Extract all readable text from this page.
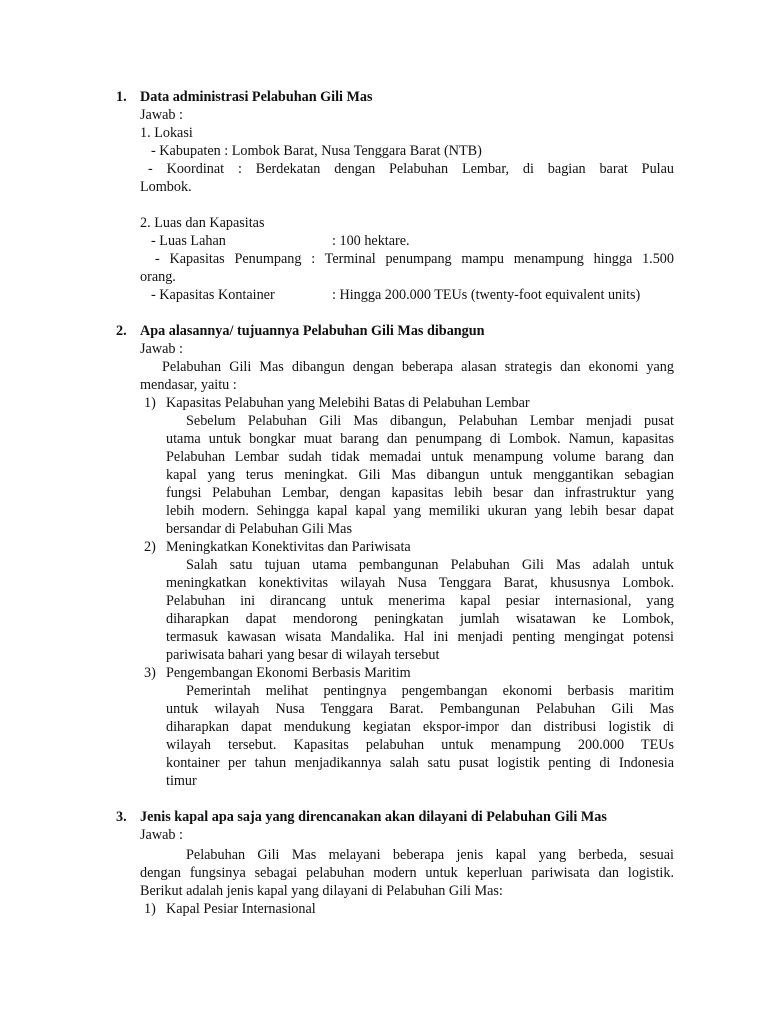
1. Data administrasi Pelabuhan Gili Mas
Jawab :
1. Lokasi
- Kabupaten : Lombok Barat, Nusa Tenggara Barat (NTB)
- Koordinat : Berdekatan dengan Pelabuhan Lembar, di bagian barat Pulau
Lombok.
2. Luas dan Kapasitas
- Luas Lahan	: 100 hektare.
- Kapasitas Penumpang : Terminal penumpang mampu menampung hingga 1.500
orang.
- Kapasitas Kontainer	: Hingga 200.000 TEUs (twenty-foot equivalent units)
2. Apa alasannya/ tujuannya Pelabuhan Gili Mas dibangun
Jawab :
Pelabuhan Gili Mas dibangun dengan beberapa alasan strategis dan ekonomi yang
mendasar, yaitu :
1) Kapasitas Pelabuhan yang Melebihi Batas di Pelabuhan Lembar
Sebelum Pelabuhan Gili Mas dibangun, Pelabuhan Lembar menjadi pusat
utama untuk bongkar muat barang dan penumpang di Lombok. Namun, kapasitas
Pelabuhan Lembar sudah tidak memadai untuk menampung volume barang dan
kapal yang terus meningkat. Gili Mas dibangun untuk menggantikan sebagian
fungsi Pelabuhan Lembar, dengan kapasitas lebih besar dan infrastruktur yang
lebih modern. Sehingga kapal kapal yang memiliki ukuran yang lebih besar dapat
bersandar di Pelabuhan Gili Mas
2) Meningkatkan Konektivitas dan Pariwisata
Salah satu tujuan utama pembangunan Pelabuhan Gili Mas adalah untuk
meningkatkan konektivitas wilayah Nusa Tenggara Barat, khususnya Lombok.
Pelabuhan ini dirancang untuk menerima kapal pesiar internasional, yang
diharapkan dapat mendorong peningkatan jumlah wisatawan ke Lombok,
termasuk kawasan wisata Mandalika. Hal ini menjadi penting mengingat potensi
pariwisata bahari yang besar di wilayah tersebut
3) Pengembangan Ekonomi Berbasis Maritim
Pemerintah melihat pentingnya pengembangan ekonomi berbasis maritim
untuk wilayah Nusa Tenggara Barat. Pembangunan Pelabuhan Gili Mas
diharapkan dapat mendukung kegiatan ekspor-impor dan distribusi logistik di
wilayah tersebut. Kapasitas pelabuhan untuk menampung 200.000 TEUs
kontainer per tahun menjadikannya salah satu pusat logistik penting di Indonesia
timur
3. Jenis kapal apa saja yang direncanakan akan dilayani di Pelabuhan Gili Mas
Jawab :
Pelabuhan Gili Mas melayani beberapa jenis kapal yang berbeda, sesuai
dengan fungsinya sebagai pelabuhan modern untuk keperluan pariwisata dan logistik.
Berikut adalah jenis kapal yang dilayani di Pelabuhan Gili Mas:
1) Kapal Pesiar Internasional
